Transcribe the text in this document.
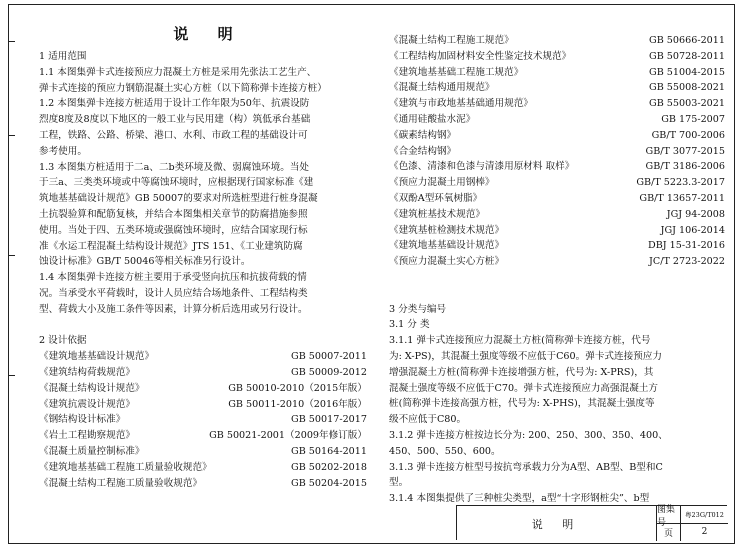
说 明

1 适用范围

1.1 本图集弹卡式连接预应力混凝土方桩是采用先张法工艺生产、

弹卡式连接的预应力钢筋混凝土实心方桩（以下简称弹卡连接方桩）

1.2 本图集弹卡连接方桩适用于设计工作年限为50年、抗震设防

烈度8度及8度以下地区的一般工业与民用建（构）筑低承台基础

工程，铁路、公路、桥梁、港口、水利、市政工程的基础设计可

参考使用。

1.3 本图集方桩适用于二a、二b类环境及微、弱腐蚀环境。当处

于三a、三类类环境或中等腐蚀环境时，应根据现行国家标准《建

筑地基基础设计规范》GB 50007的要求对所选桩型进行桩身混凝

土抗裂验算和配筋复核，并结合本图集相关章节的防腐措施参照

使用。当处于四、五类环境或强腐蚀环境时，应结合国家现行标

准《水运工程混凝土结构设计规范》JTS 151、《工业建筑防腐

蚀设计标准》GB/T 50046等相关标准另行设计。

1.4 本图集弹卡连接方桩主要用于承受竖向抗压和抗拔荷载的情

况。当承受水平荷载时，设计人员应结合场地条件、工程结构类

型、荷载大小及施工条件等因素，计算分析后选用或另行设计。

2 设计依据

《建筑地基基础设计规范》	GB 50007-2011
《建筑结构荷载规范》	GB 50009-2012
《混凝土结构设计规范》	GB 50010-2010（2015年版）
《建筑抗震设计规范》	GB 50011-2010（2016年版）
《钢结构设计标准》	GB 50017-2017
《岩土工程勘察规范》	GB 50021-2001（2009年修订版）
《混凝土质量控制标准》	GB 50164-2011
《建筑地基基础工程施工质量验收规范》	GB 50202-2018
《混凝土结构工程施工质量验收规范》	GB 50204-2015
《混凝土结构工程施工规范》	GB 50666-2011
《工程结构加固材料安全性鉴定技术规范》	GB 50728-2011
《建筑地基基础工程施工规范》	GB 51004-2015
《混凝土结构通用规范》	GB 55008-2021
《建筑与市政地基基础通用规范》	GB 55003-2021
《通用硅酸盐水泥》	GB 175-2007
《碳素结构钢》	GB/T 700-2006
《合金结构钢》	GB/T 3077-2015
《色漆、清漆和色漆与清漆用原材料 取样》	GB/T 3186-2006
《预应力混凝土用钢棒》	GB/T 5223.3-2017
《双酚A型环氧树脂》	GB/T 13657-2011
《建筑桩基技术规范》	JGJ 94-2008
《建筑基桩检测技术规范》	JGJ 106-2014
《建筑地基基础设计规范》	DBJ 15-31-2016
《预应力混凝土实心方桩》	JC/T 2723-2022

3 分类与编号

3.1 分 类

3.1.1 弹卡式连接预应力混凝土方桩(简称弹卡连接方桩，代号

为: X-PS)，其混凝土强度等级不应低于C60。弹卡式连接预应力

增强混凝土方桩(简称弹卡连接增强方桩，代号为: X-PRS)，其

混凝土强度等级不应低于C70。弹卡式连接预应力高强混凝土方

桩(简称弹卡连接高强方桩，代号为: X-PHS)，其混凝土强度等

级不应低于C80。

3.1.2 弹卡连接方桩按边长分为: 200、250、300、350、400、

450、500、550、600。

3.1.3 弹卡连接方桩型号按抗弯承载力分为A型、AB型、B型和C

型。

3.1.4 本图集提供了三种桩尖类型，a型“十字形钢桩尖”、b型

说 明
图集号
粤23G/T012
页	2
